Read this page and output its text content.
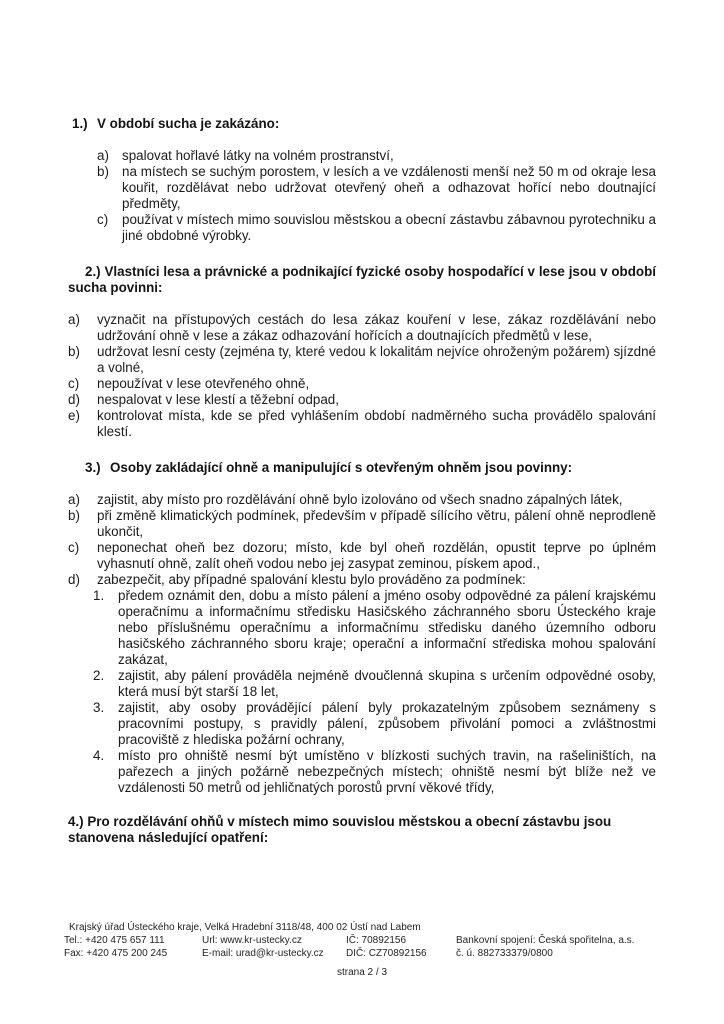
1.) V období sucha je zakázáno:
a) spalovat hořlavé látky na volném prostranství,
b) na místech se suchým porostem, v lesích a ve vzdálenosti menší než 50 m od okraje lesa kouřit, rozdělávat nebo udržovat otevřený oheň a odhazovat hořící nebo doutnající předměty,
c)	používat v místech mimo souvislou městskou a obecní zástavbu zábavnou pyrotechniku a jiné obdobné výrobky.
2.) Vlastníci lesa a právnické a podnikající fyzické osoby hospodařící v lese jsou v období sucha povinni:
a)	vyznačit na přístupových cestách do lesa zákaz kouření v lese, zákaz rozdělávání nebo udržování ohně v lese a zákaz odhazování hořících a doutnajících předmětů v lese,
b)	udržovat lesní cesty (zejména ty, které vedou k lokalitám nejvíce ohroženým požárem) sjízdné a volné,
c)	nepoužívat v lese otevřeného ohně,
d)	nespalovat v lese klestí a těžební odpad,
e)	kontrolovat místa, kde se před vyhlášením období nadměrného sucha provádělo spalování klestí.
3.) Osoby zakládající ohně a manipulující s otevřeným ohněm jsou povinny:
a)	zajistit, aby místo pro rozdělávání ohně bylo izolováno od všech snadno zápalných látek,
b)	při změně klimatických podmínek, především v případě sílícího větru, pálení ohně neprodleně ukončit,
c)	neponechat oheň bez dozoru; místo, kde byl oheň rozdělán, opustit teprve po úplném vyhasnutí ohně, zalít oheň vodou nebo jej zasypat zeminou, pískem apod.,
d)	zabezpečit, aby případné spalování klestu bylo prováděno za podmínek:
1.	předem oznámit den, dobu a místo pálení a jméno osoby odpovědné za pálení krajskému operačnímu a informačnímu středisku Hasičského záchranného sboru Ústeckého kraje nebo příslušnému operačnímu a informačnímu středisku daného územního odboru hasičského záchranného sboru kraje; operační a informační střediska mohou spalování zakázat,
2.	zajistit, aby pálení prováděla nejméně dvoučlenná skupina s určením odpovědné osoby, která musí být starší 18 let,
3.	zajistit, aby osoby provádějící pálení byly prokazatelným způsobem seznámeny s pracovními postupy, s pravidly pálení, způsobem přivolání pomoci a zvláštnostmi pracoviště z hlediska požární ochrany,
4.	místo pro ohniště nesmí být umístěno v blízkosti suchých travin, na rašeliništích, na pařezech a jiných požárně nebezpečných místech; ohniště nesmí být blíže než ve vzdálenosti 50 metrů od jehličnatých porostů první věkové třídy,
4.) Pro rozdělávání ohňů v místech mimo souvislou městskou a obecní zástavbu jsou stanovena následující opatření:
Krajský úřad Ústeckého kraje, Velká Hradební 3118/48, 400 02 Ústí nad Labem
Tel.: +420 475 657 111	Url: www.kr-ustecky.cz	IČ: 70892156	Bankovní spojení: Česká spořitelna, a.s.
Fax: +420 475 200 245	E-mail: urad@kr-ustecky.cz DIČ: CZ70892156	č. ú. 882733379/0800
strana 2 / 3
